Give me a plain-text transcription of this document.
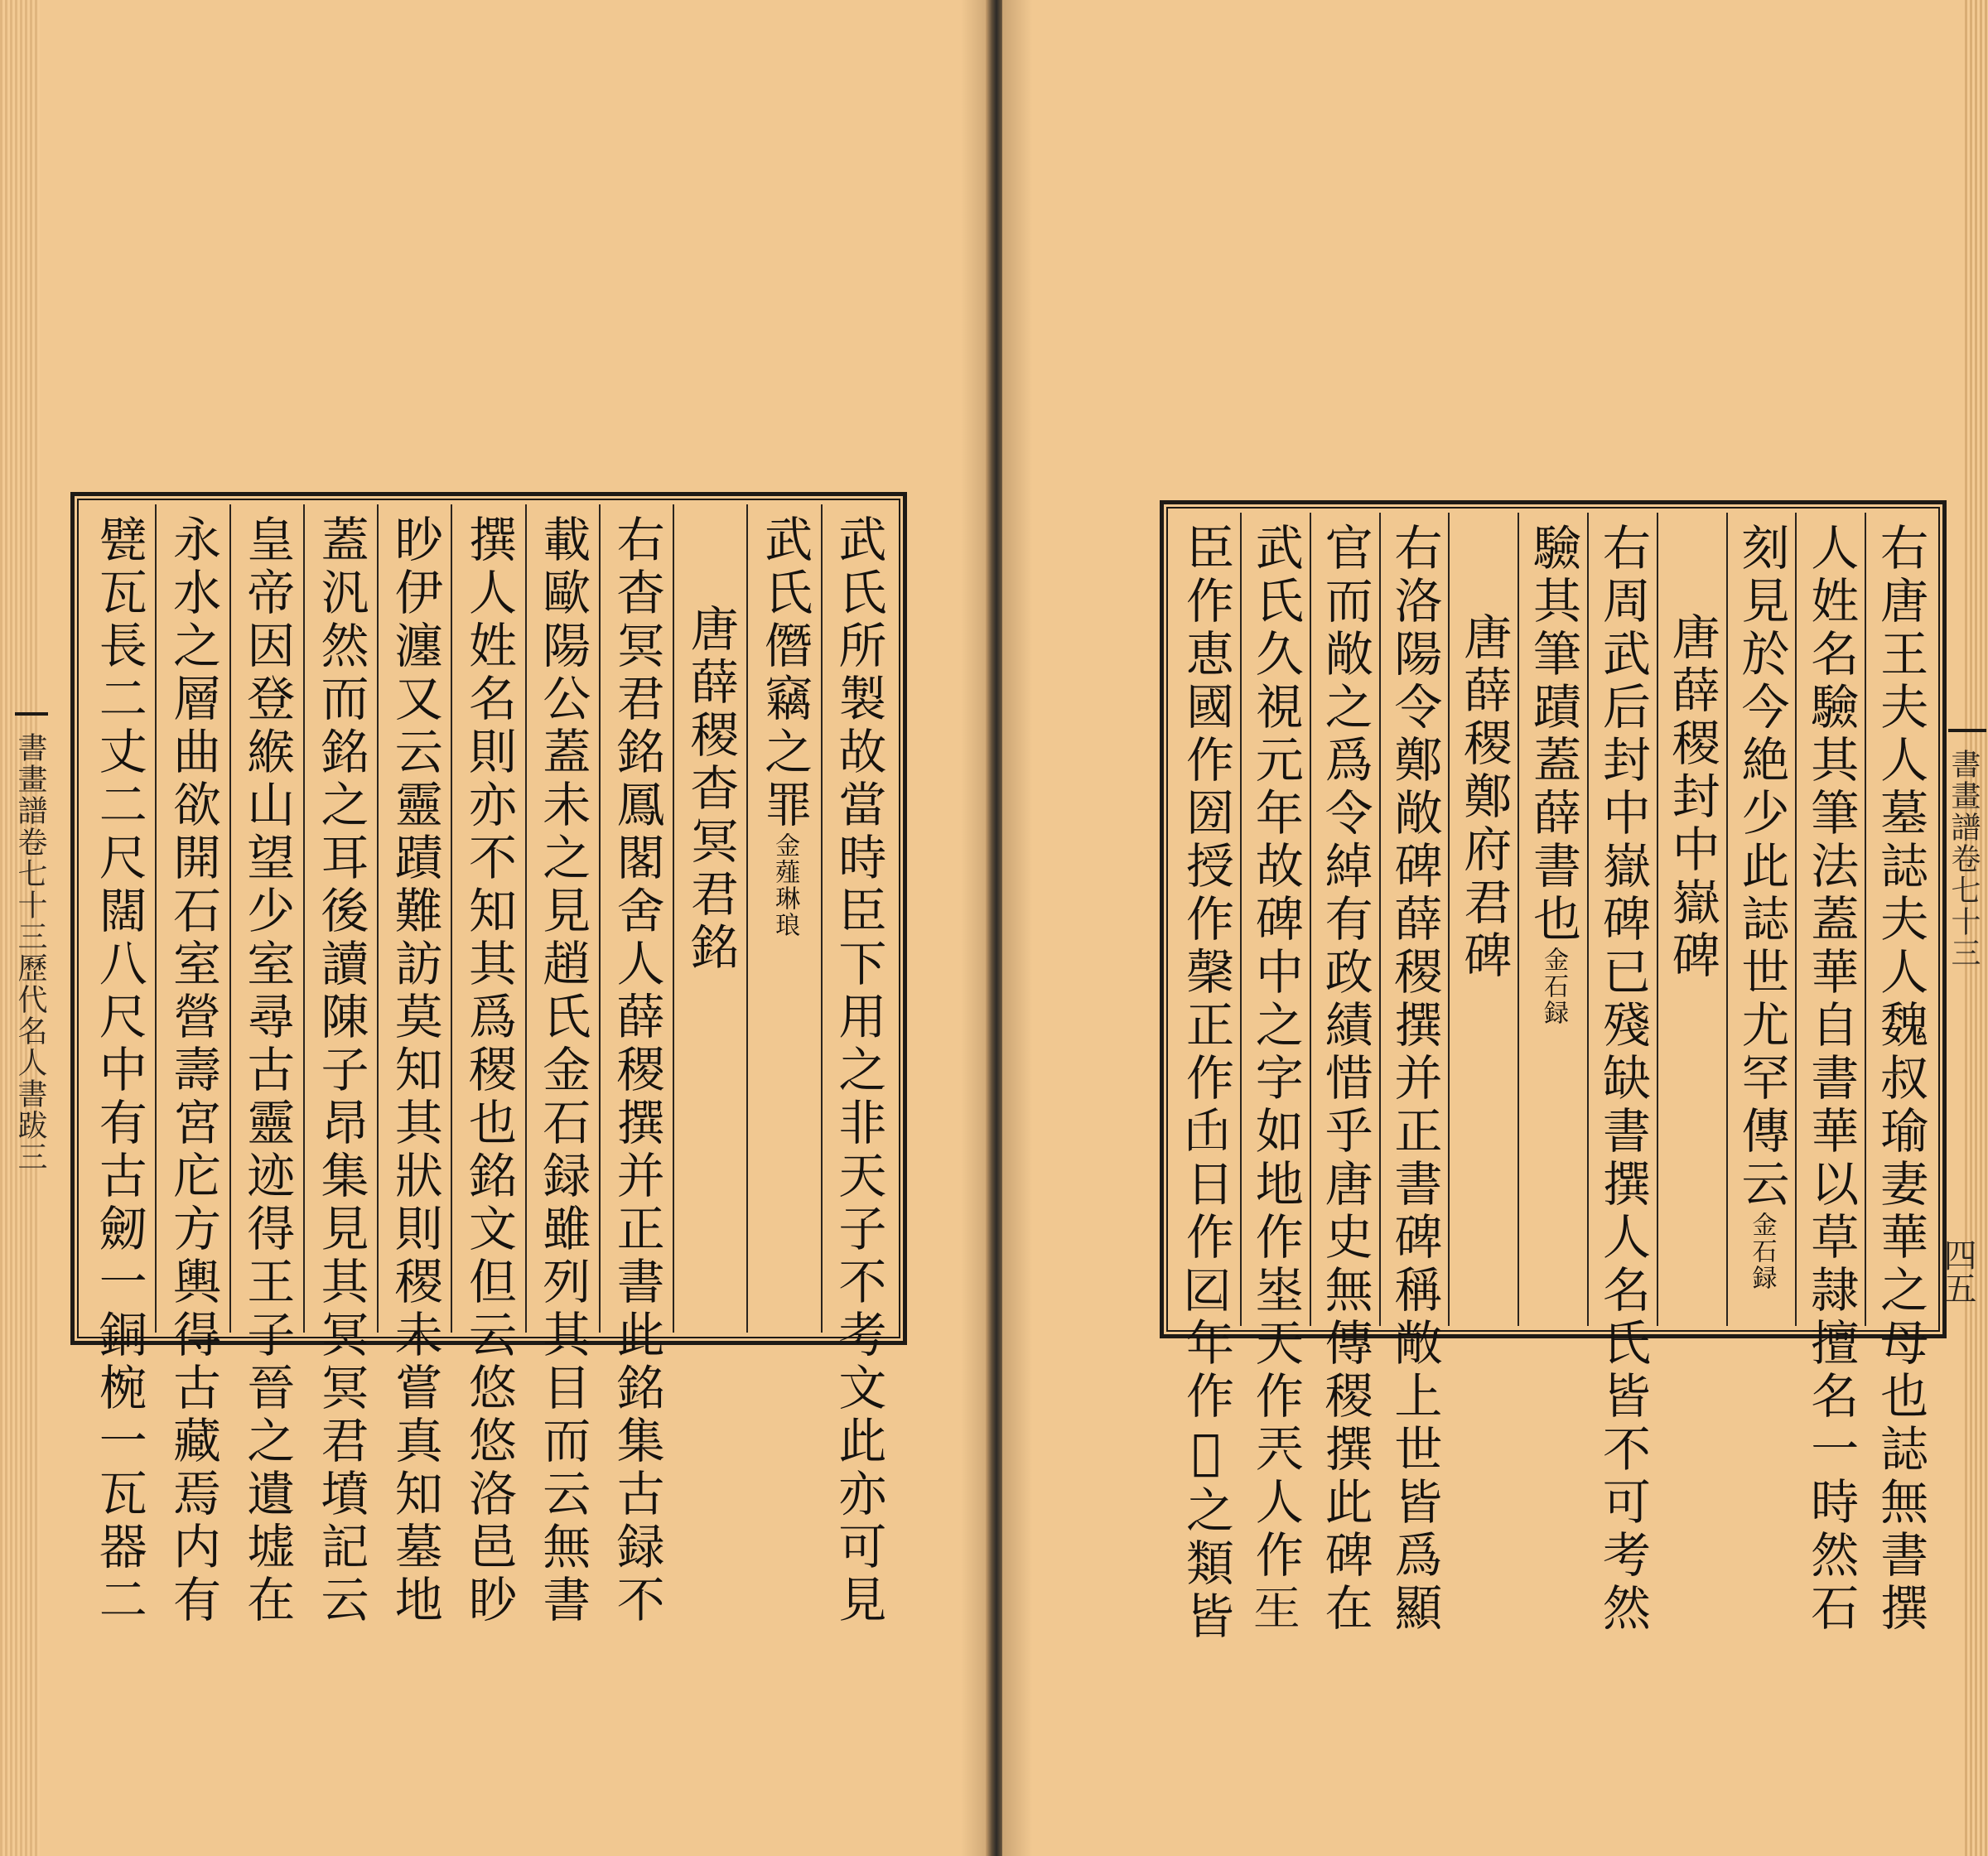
書畫譜卷七十三歷代名人書跋三	武氏所製故當時臣下用之非天子不考文此亦可見
武氏僭竊之罪
金薤琳琅
唐薛稷杳冥君銘
右杳冥君銘鳳閣舍人薛稷撰并正書此銘集古録不
載歐陽公蓋未之見趙氏金石録雖列其目而云無書
撰人姓名則亦不知其爲稷也銘文但云悠悠洛邑眇
眇伊瀍又云靈蹟難訪莫知其狀則稷未嘗真知墓地
蓋汎然而銘之耳後讀陳子昂集見其冥冥君墳記云
皇帝因登緱山望少室尋古靈迹得王子晉之遺墟在
永水之層曲欲開石室營壽宮庀方輿得古藏焉内有
甓瓦長二丈二尺闊八尺中有古劒一銅椀一瓦器二	書畫譜卷七十三
四五
右唐王夫人墓誌夫人魏叔瑜妻華之母也誌無書撰
人姓名驗其筆法蓋華自書華以草隷擅名一時然石
刻見於今絶少此誌世尤罕傳云
金石録
唐薛稷封中嶽碑
右周武后封中嶽碑已殘缺書撰人名氏皆不可考然
驗其筆蹟蓋薛書也
金石録
唐薛稷鄭府君碑
右洛陽令鄭敞碑薛稷撰并正書碑稱敞上世皆爲顯
官而敞之爲令綽有政績惜乎唐史無傳稷撰此碑在
武氏久視元年故碑中之字如地作埊天作兲人作𤯔
臣作恵國作圀授作䅽正作𠙺日作𡆠年作𠡦之類皆
